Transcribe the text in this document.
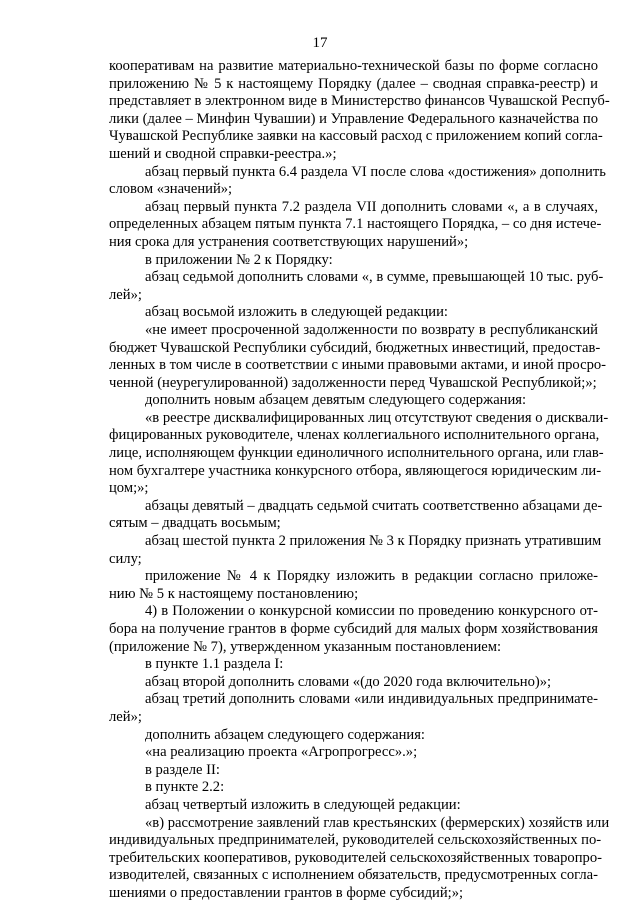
17

кооперативам на развитие материально-технической базы по форме согласно
приложению № 5 к настоящему Порядку (далее – сводная справка-реестр) и
представляет в электронном виде в Министерство финансов Чувашской Респуб-
лики (далее – Минфин Чувашии) и Управление Федерального казначейства по
Чувашской Республике заявки на кассовый расход с приложением копий согла-
шений и сводной справки-реестра.»;

абзац первый пункта 6.4 раздела VI после слова «достижения» дополнить
словом «значений»;

абзац первый пункта 7.2 раздела VII дополнить словами «, а в случаях,
определенных абзацем пятым пункта 7.1 настоящего Порядка, – со дня истече-
ния срока для устранения соответствующих нарушений»;

в приложении № 2 к Порядку:

абзац седьмой дополнить словами «, в сумме, превышающей 10 тыс. руб-
лей»;

абзац восьмой изложить в следующей редакции:

«не имеет просроченной задолженности по возврату в республиканский
бюджет Чувашской Республики субсидий, бюджетных инвестиций, предостав-
ленных в том числе в соответствии с иными правовыми актами, и иной просро-
ченной (неурегулированной) задолженности перед Чувашской Республикой;»;

дополнить новым абзацем девятым следующего содержания:

«в реестре дисквалифицированных лиц отсутствуют сведения о дисквали-
фицированных руководителе, членах коллегиального исполнительного органа,
лице, исполняющем функции единоличного исполнительного органа, или глав-
ном бухгалтере участника конкурсного отбора, являющегося юридическим ли-
цом;»;

абзацы девятый – двадцать седьмой считать соответственно абзацами де-
сятым – двадцать восьмым;

абзац шестой пункта 2 приложения № 3 к Порядку признать утратившим
силу;

приложение № 4 к Порядку изложить в редакции согласно приложе-
нию № 5 к настоящему постановлению;

4) в Положении о конкурсной комиссии по проведению конкурсного от-
бора на получение грантов в форме субсидий для малых форм хозяйствования
(приложение № 7), утвержденном указанным постановлением:

в пункте 1.1 раздела I:

абзац второй дополнить словами «(до 2020 года включительно)»;

абзац третий дополнить словами «или индивидуальных предпринимате-
лей»;

дополнить абзацем следующего содержания:

«на реализацию проекта «Агропрогресс».»;

в разделе II:

в пункте 2.2:

абзац четвертый изложить в следующей редакции:

«в) рассмотрение заявлений глав крестьянских (фермерских) хозяйств или
индивидуальных предпринимателей, руководителей сельскохозяйственных по-
требительских кооперативов, руководителей сельскохозяйственных товаропро-
изводителей, связанных с исполнением обязательств, предусмотренных согла-
шениями о предоставлении грантов в форме субсидий;»;
